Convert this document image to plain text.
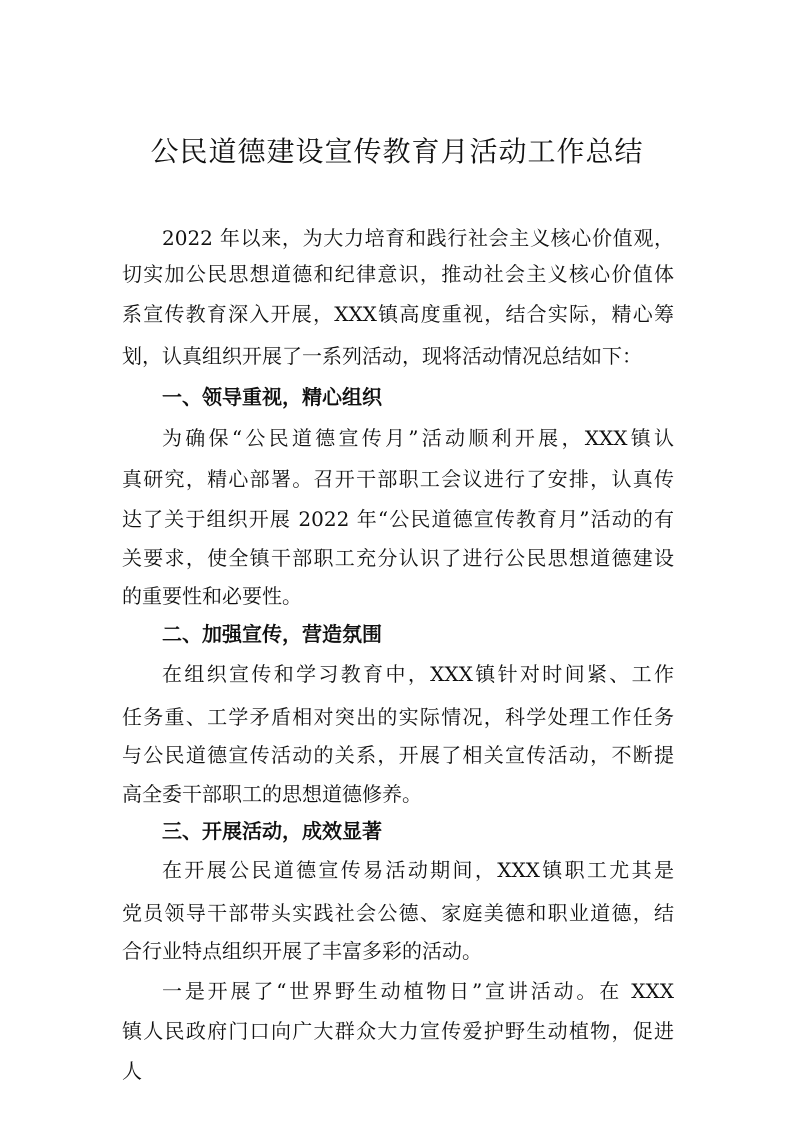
公民道德建设宣传教育月活动工作总结
2022 年以来，为大力培育和践行社会主义核心价值观，
切实加公民思想道德和纪律意识，推动社会主义核心价值体
系宣传教育深入开展，XXX镇高度重视，结合实际，精心筹
划，认真组织开展了一系列活动，现将活动情况总结如下：
一、领导重视，精心组织
为确保“公民道德宣传月”活动顺利开展，XXX镇认
真研究，精心部署。召开干部职工会议进行了安排，认真传
达了关于组织开展 2022 年“公民道德宣传教育月”活动的有
关要求，使全镇干部职工充分认识了进行公民思想道德建设
的重要性和必要性。
二、加强宣传，营造氛围
在组织宣传和学习教育中，XXX镇针对时间紧、工作
任务重、工学矛盾相对突出的实际情况，科学处理工作任务
与公民道德宣传活动的关系，开展了相关宣传活动，不断提
高全委干部职工的思想道德修养。
三、开展活动，成效显著
在开展公民道德宣传易活动期间，XXX镇职工尤其是
党员领导干部带头实践社会公德、家庭美德和职业道德，结
合行业特点组织开展了丰富多彩的活动。
一是开展了“世界野生动植物日”宣讲活动。在 XXX
镇人民政府门口向广大群众大力宣传爱护野生动植物，促进
人
